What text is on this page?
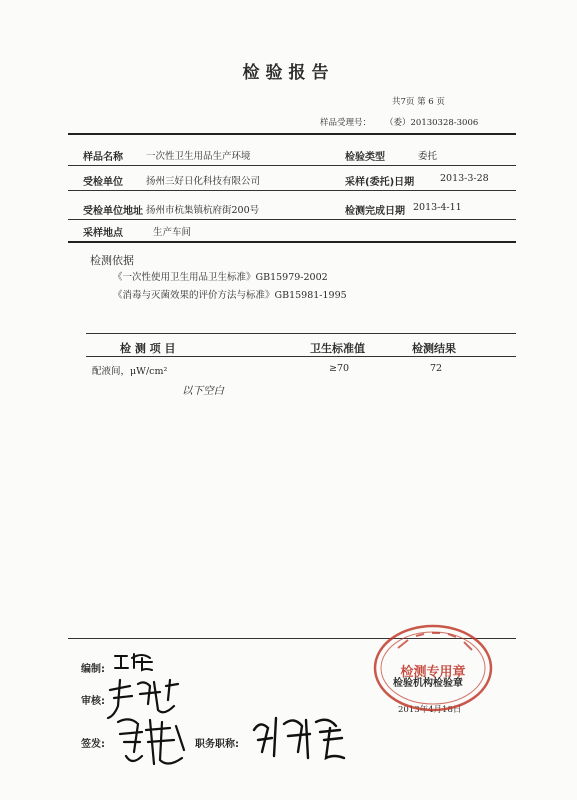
检验报告
共7页 第 6 页
样品受理号： （委）20130328-3006
样品名称 一次性卫生用品生产环境	检验类型	委托
受检单位 扬州三好日化科技有限公司	采样(委托)日期	2013-3-28
受检单位地址 扬州市杭集镇杭府街200号	检测完成日期 2013-4-11
采样地点	生产车间
检测依据
《一次性使用卫生用品卫生标准》GB15979-2002
《消毒与灭菌效果的评价方法与标准》GB15981-1995
检 测 项 目	卫生标准值	检测结果
配液间，μW/cm²	≥70	72
以下空白
编制:
审核:
签发:	职务职称:
检验机构检验章
2013年4月18日
检测专用章
